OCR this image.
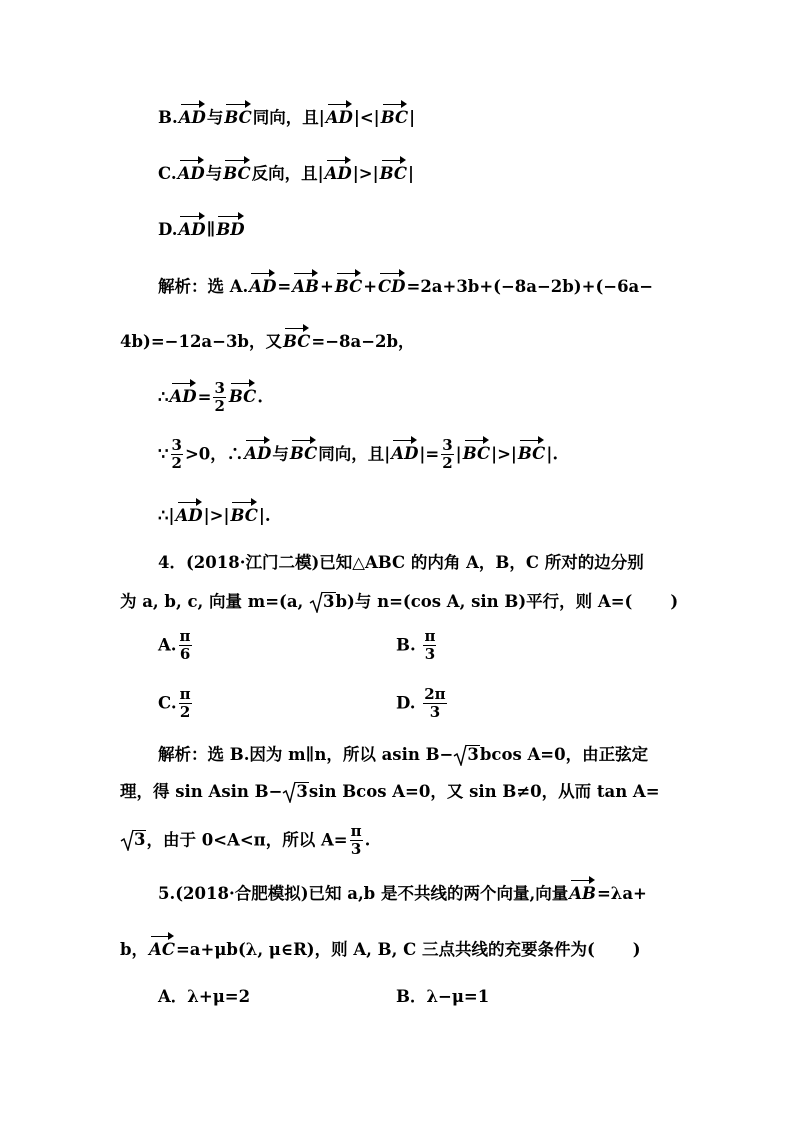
B.AD与BC同向，且|AD|<|BC|
C.AD与BC反向，且|AD|>|BC|
D.AD∥BD
解析：选 A.AD=AB+BC+CD=2a+3b+(−8a−2b)+(−6a−
4b)=−12a−3b，又BC=−8a−2b，
∴AD= $\frac{3}{2}$ BC.
∵ $\frac{3}{2} >0$，∴AD与BC同向，且$|AD|= \frac{3}{2} |BC|>|BC|$.
∴|AD|>|BC|.
4．(2018·江门二模)已知△ABC 的内角 A，B，C 所对的边分别
为 a, b, c, 向量 m=(a, 3b)与 n=(cos A, sin B)平行，则 A=( )
A. $\frac{\pi}{6}$	B. $\frac{\pi}{3}$
C. $\frac{\pi}{2}$	D. $\frac{2\pi}{3}$
解析：选 B.因为 m∥n，所以 asin B− 3bcos A=0，由正弦定
理，得 sin Asin B− 3sin Bcos A=0，又 sin B≠0，从而 tan A=
3，由于 0<A<π，所以 $A= \frac{\pi}{3}$ .
5.(2018·合肥模拟)已知 a,b 是不共线的两个向量,向量AB=λa+
b，AC=a+μb(λ, μ∈R)，则 A, B, C 三点共线的充要条件为( )
A．λ+μ=2	B．λ−μ=1
